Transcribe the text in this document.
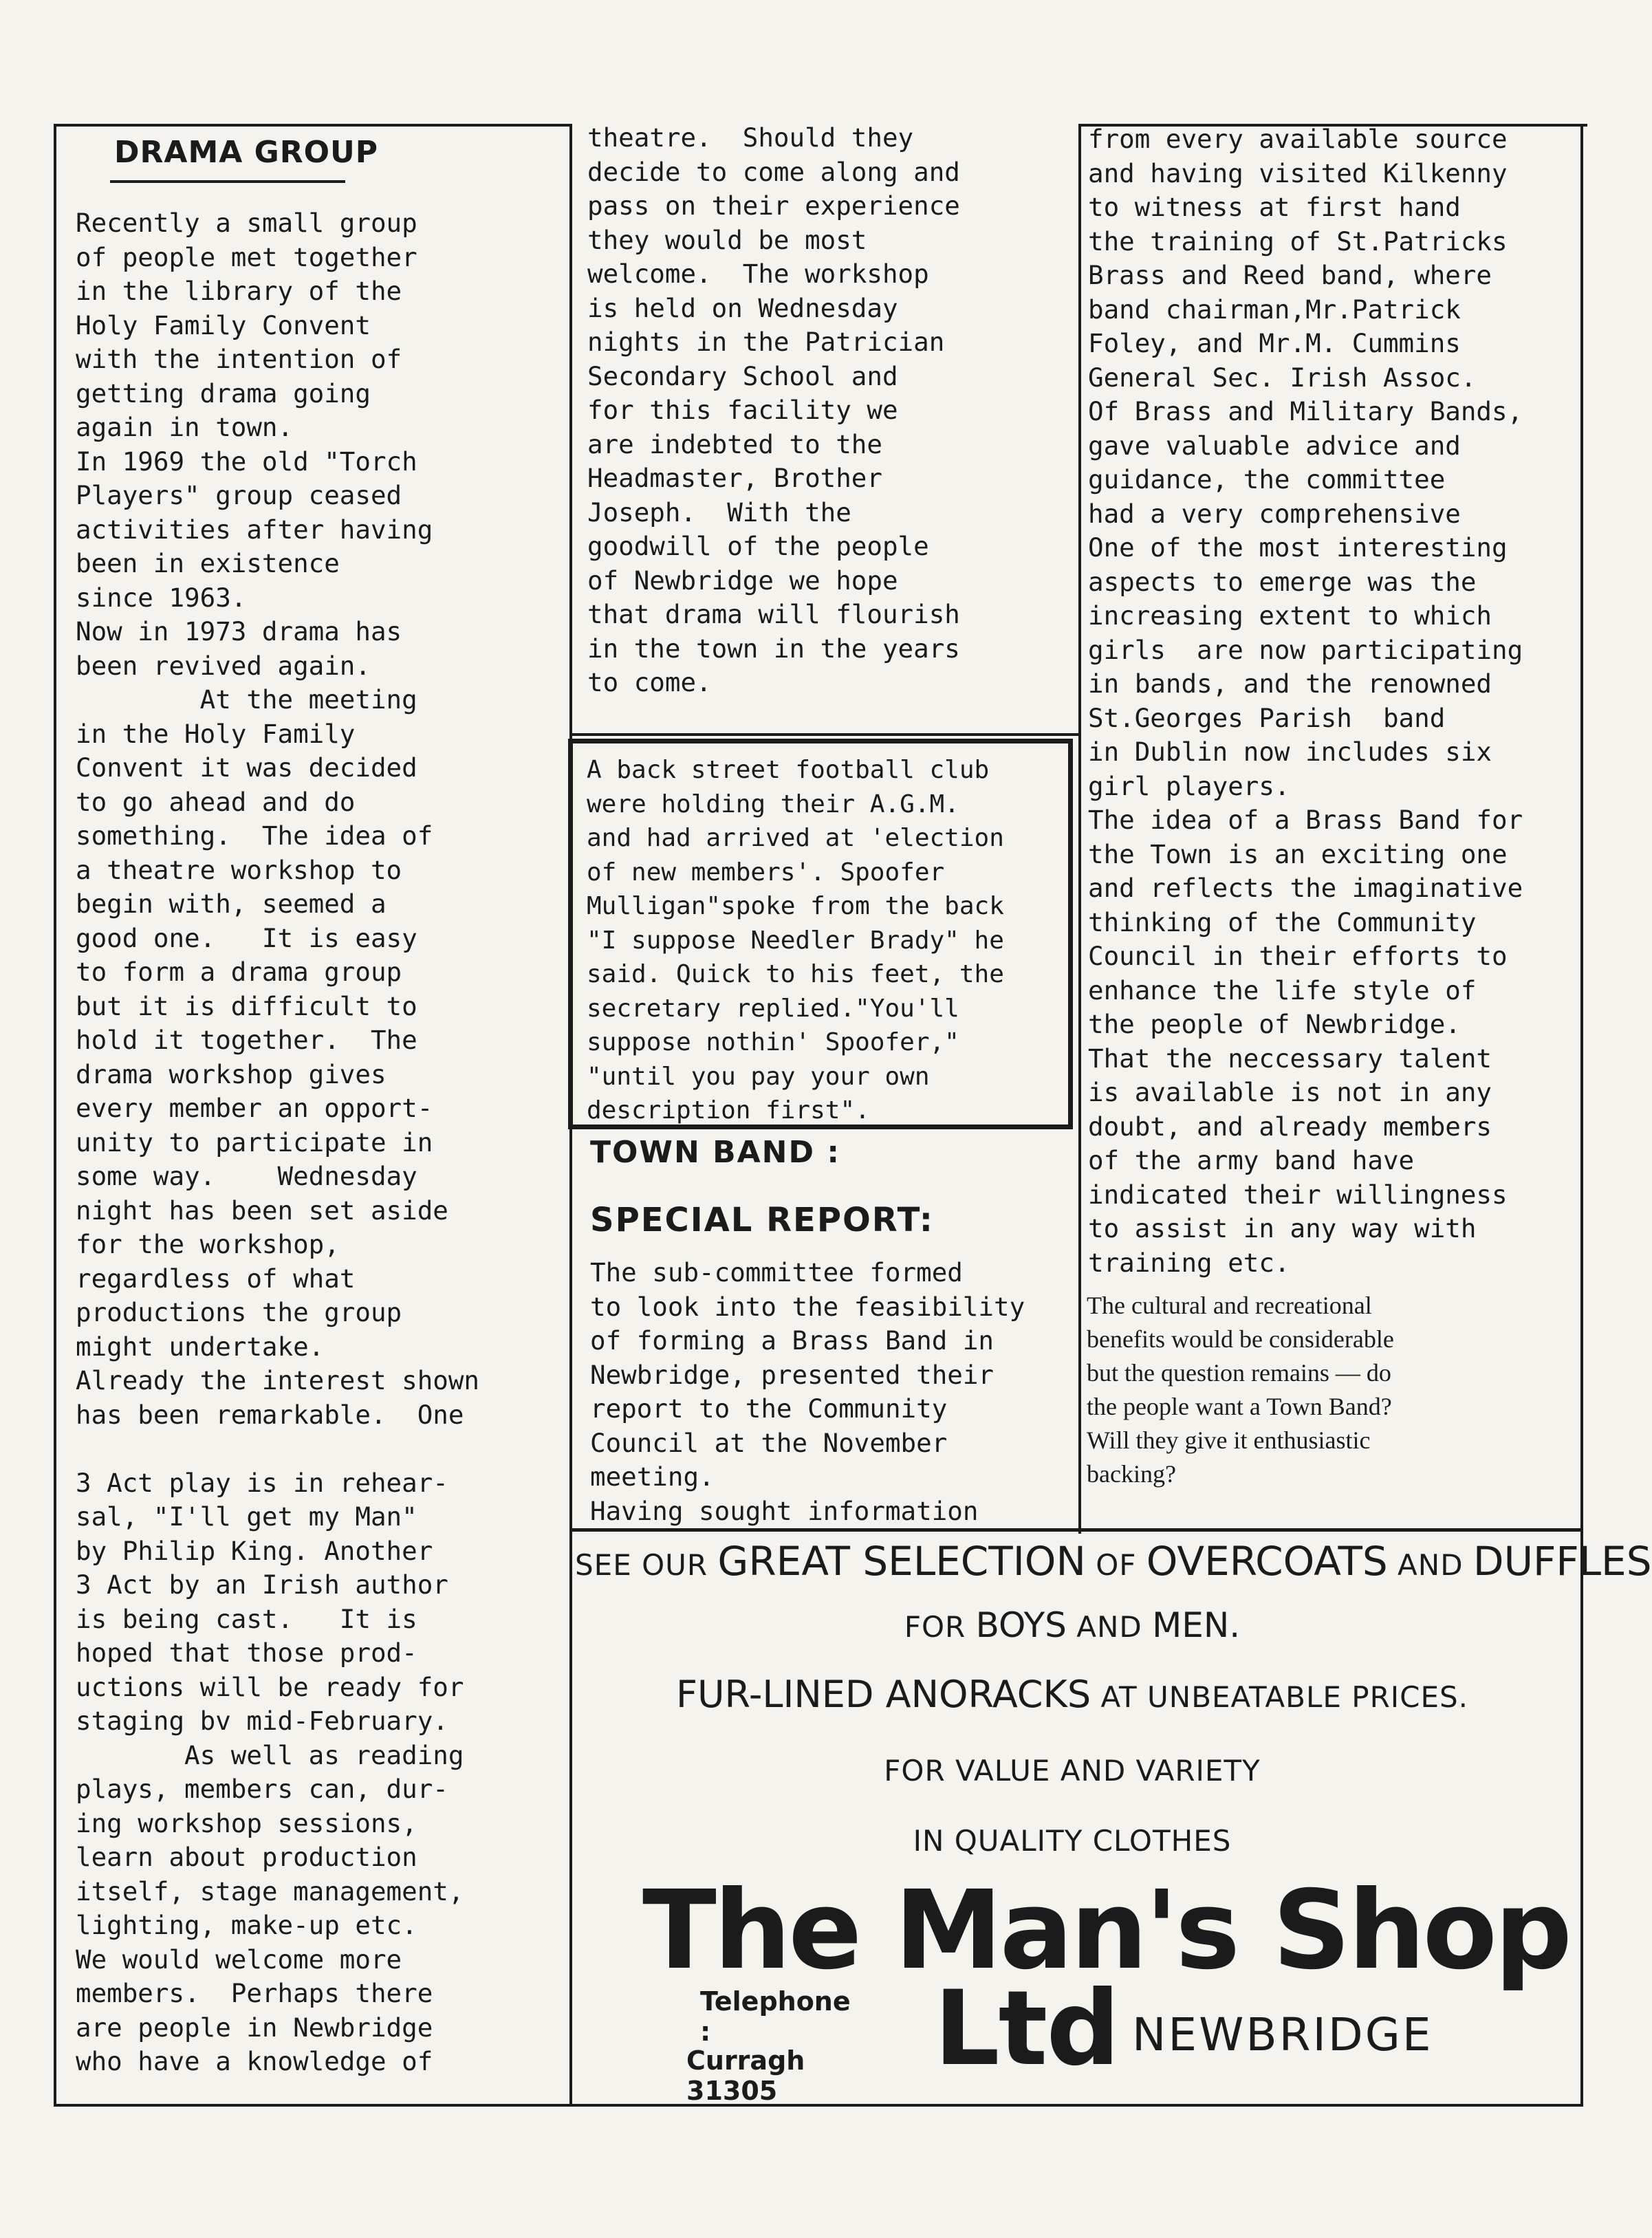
DRAMA GROUP

Recently a small group

of people met together

in the library of the

Holy Family Convent

with the intention of

getting drama going

again in town.

In 1969 the old "Torch

Players" group ceased

activities after having

been in existence

since 1963.

Now in 1973 drama has

been revived again.

At the meeting

in the Holy Family

Convent it was decided

to go ahead and do

something.  The idea of

a theatre workshop to

begin with, seemed a

good one.   It is easy

to form a drama group

but it is difficult to

hold it together.  The

drama workshop gives

every member an opport-

unity to participate in

some way.    Wednesday

night has been set aside

for the workshop,

regardless of what

productions the group

might undertake.

Already the interest shown

has been remarkable.  One

3 Act play is in rehear-

sal, "I'll get my Man"

by Philip King. Another

3 Act by an Irish author

is being cast.   It is

hoped that those prod-

uctions will be ready for

staging bv mid-February.

As well as reading

plays, members can, dur-

ing workshop sessions,

learn about production

itself, stage management,

lighting, make-up etc.

We would welcome more

members.  Perhaps there

are people in Newbridge

who have a knowledge of

theatre.  Should they

decide to come along and

pass on their experience

they would be most

welcome.  The workshop

is held on Wednesday

nights in the Patrician

Secondary School and

for this facility we

are indebted to the

Headmaster, Brother

Joseph.  With the

goodwill of the people

of Newbridge we hope

that drama will flourish

in the town in the years

to come.

A back street football club

were holding their A.G.M.

and had arrived at 'election

of new members'. Spoofer

Mulligan"spoke from the back

"I suppose Needler Brady" he

said. Quick to his feet, the

secretary replied."You'll

suppose nothin' Spoofer,"

"until you pay your own

description first".

TOWN BAND :
SPECIAL REPORT:

The sub-committee formed

to look into the feasibility

of forming a Brass Band in

Newbridge, presented their

report to the Community

Council at the November

meeting.

Having sought information

from every available source

and having visited Kilkenny

to witness at first hand

the training of St.Patricks

Brass and Reed band, where

band chairman,Mr.Patrick

Foley, and Mr.M. Cummins

General Sec. Irish Assoc.

Of Brass and Military Bands,

gave valuable advice and

guidance, the committee

had a very comprehensive

One of the most interesting

aspects to emerge was the

increasing extent to which

girls  are now participating

in bands, and the renowned

St.Georges Parish  band

in Dublin now includes six

girl players.

The idea of a Brass Band for

the Town is an exciting one

and reflects the imaginative

thinking of the Community

Council in their efforts to

enhance the life style of

the people of Newbridge.

That the neccessary talent

is available is not in any

doubt, and already members

of the army band have

indicated their willingness

to assist in any way with

training etc.

The cultural and recreational

benefits would be considerable

but the question remains — do

the people want a Town Band?

Will they give it enthusiastic

backing?

SEE OUR GREAT SELECTION OF OVERCOATS AND DUFFLES

FOR BOYS AND MEN.

FUR-LINED ANORACKS AT UNBEATABLE PRICES.

FOR VALUE AND VARIETY

IN QUALITY CLOTHES

The Man's Shop

Ltd NEWBRIDGE

Telephone :

Curragh 31305
